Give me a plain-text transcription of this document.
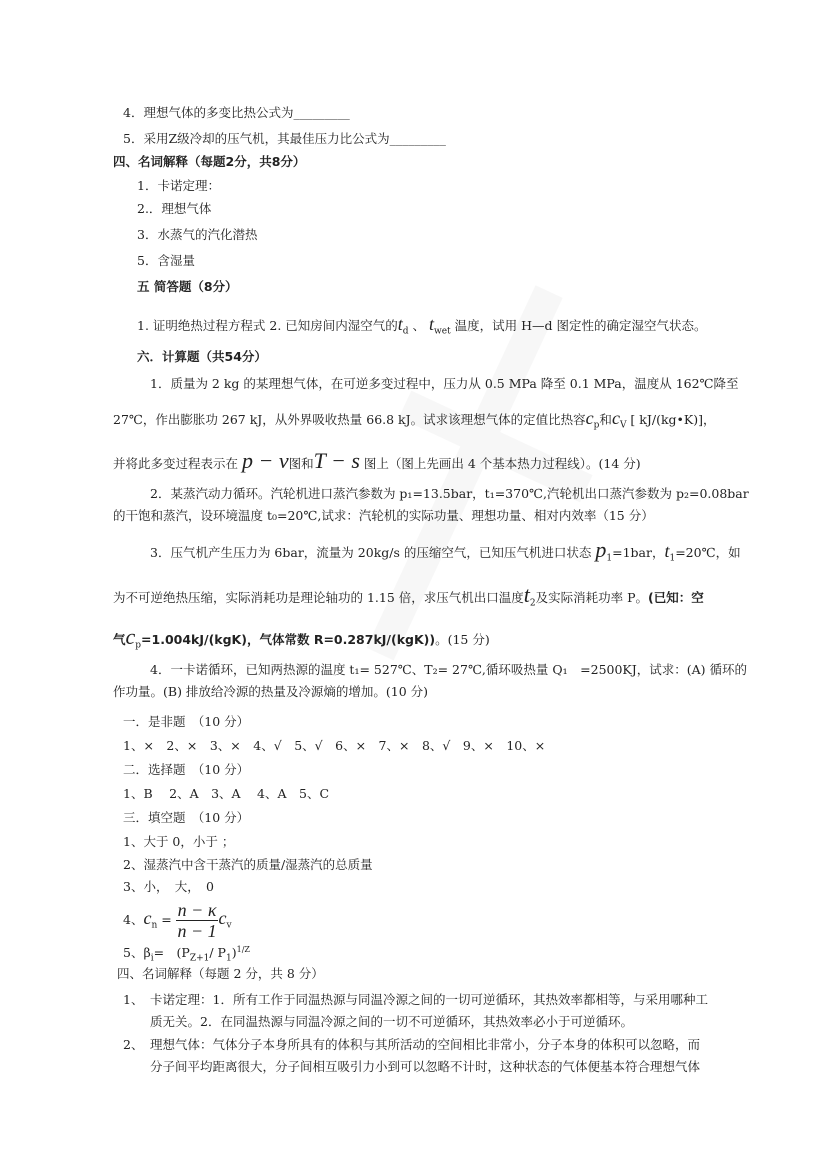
4．理想气体的多变比热公式为_________
5．采用Z级冷却的压气机，其最佳压力比公式为_________
四、名词解释（每题2分，共8分）
1．卡诺定理：
2.．理想气体
3．水蒸气的汽化潜热
5．含湿量
五 简答题（8分）
1. 证明绝热过程方程式 2. 已知房间内湿空气的$t_d$ 、 $t_{wet}$ 温度，试用 H—d 图定性的确定湿空气状态。
六．计算题（共54分）
1．质量为 2 kg 的某理想气体，在可逆多变过程中，压力从 0.5 MPa 降至 0.1 MPa，温度从 162℃降至
27℃，作出膨胀功 267 kJ，从外界吸收热量 66.8 kJ。试求该理想气体的定值比热容$c_p$和$c_V$ [ kJ/(kg•K)]，
并将此多变过程表示在 p − v图和T − s 图上（图上先画出 4 个基本热力过程线）。(14 分)
2．某蒸汽动力循环。汽轮机进口蒸汽参数为 p₁=13.5bar，t₁=370℃,汽轮机出口蒸汽参数为 p₂=0.08bar
的干饱和蒸汽，设环境温度 t₀=20℃,试求：汽轮机的实际功量、理想功量、相对内效率（15 分）
3．压气机产生压力为 6bar，流量为 20kg/s 的压缩空气，已知压气机进口状态 $p_1=1bar$，$t_1=20℃$，如
为不可逆绝热压缩，实际消耗功是理论轴功的 1.15 倍，求压气机出口温度$t_2$及实际消耗功率 P。(已知：空
气$c_p=1.004kJ/(kgK)$，气体常数 R=0.287kJ/(kgK))。(15 分)
4．一卡诺循环，已知两热源的温度 t₁= 527℃、T₂= 27℃,循环吸热量 Q₁　=2500KJ，试求：(A) 循环的
作功量。(B) 排放给冷源的热量及冷源熵的增加。(10 分)
一．是非题　（10 分）
1、×　2、×　3、×　4、√　5、√　6、×　7、×　8、√　9、×　10、×
二．选择题　（10 分）
1、B　 2、A　3、A　 4、A　5、C
三．填空题　（10 分）
1、大于 0，小于 ；
2、湿蒸汽中含干蒸汽的质量/湿蒸汽的总质量
3、小，　大，　0
4、$c_n = \frac{n - \kappa}{n - 1} c_v$
5、$\beta_i=$　($P_{Z+1}/$ $P_1)^{1/Z}$
四、名词解释（每题 2 分，共 8 分）
1、 卡诺定理：1．所有工作于同温热源与同温冷源之间的一切可逆循环，其热效率都相等，与采用哪种工
质无关。2．在同温热源与同温冷源之间的一切不可逆循环，其热效率必小于可逆循环。
2、 理想气体：气体分子本身所具有的体积与其所活动的空间相比非常小，分子本身的体积可以忽略，而
分子间平均距离很大，分子间相互吸引力小到可以忽略不计时，这种状态的气体便基本符合理想气体
